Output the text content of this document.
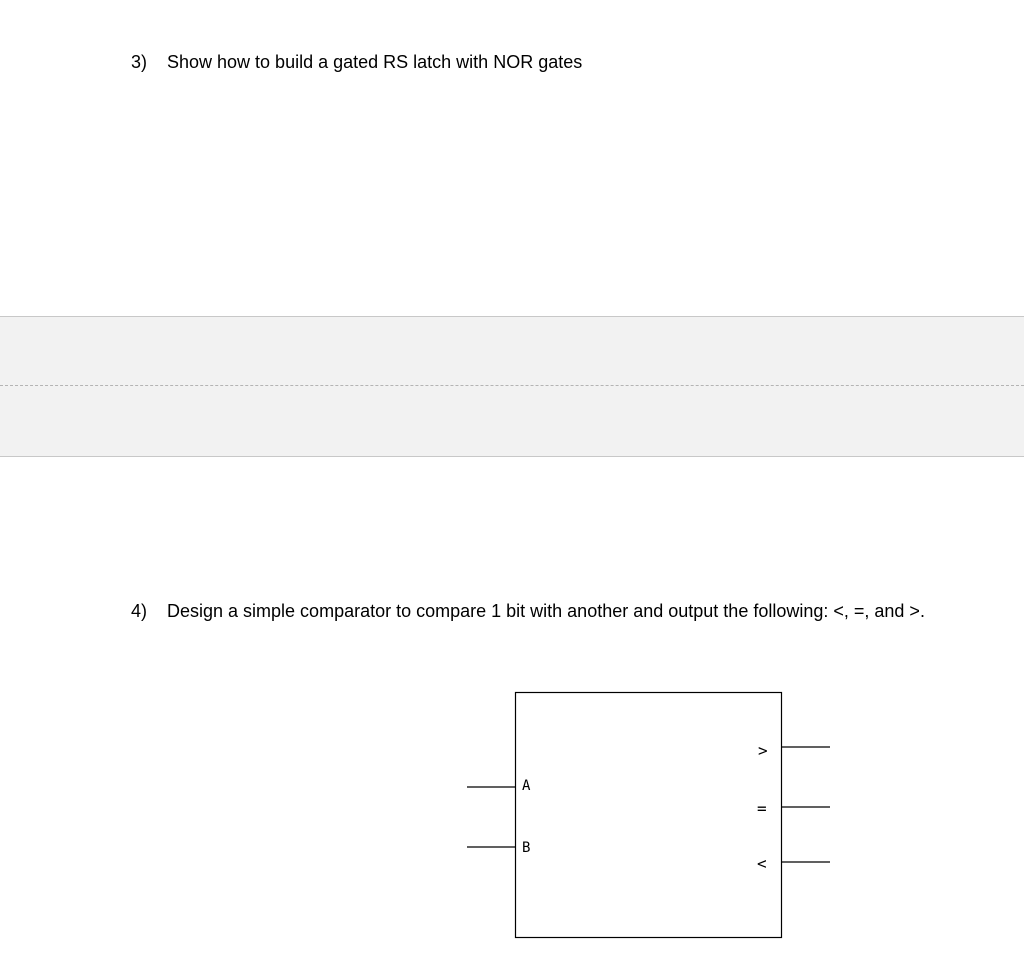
3) Show how to build a gated RS latch with NOR gates
4) Design a simple comparator to compare 1 bit with another and output the following: <, =, and >.
A
B
>
=
<
